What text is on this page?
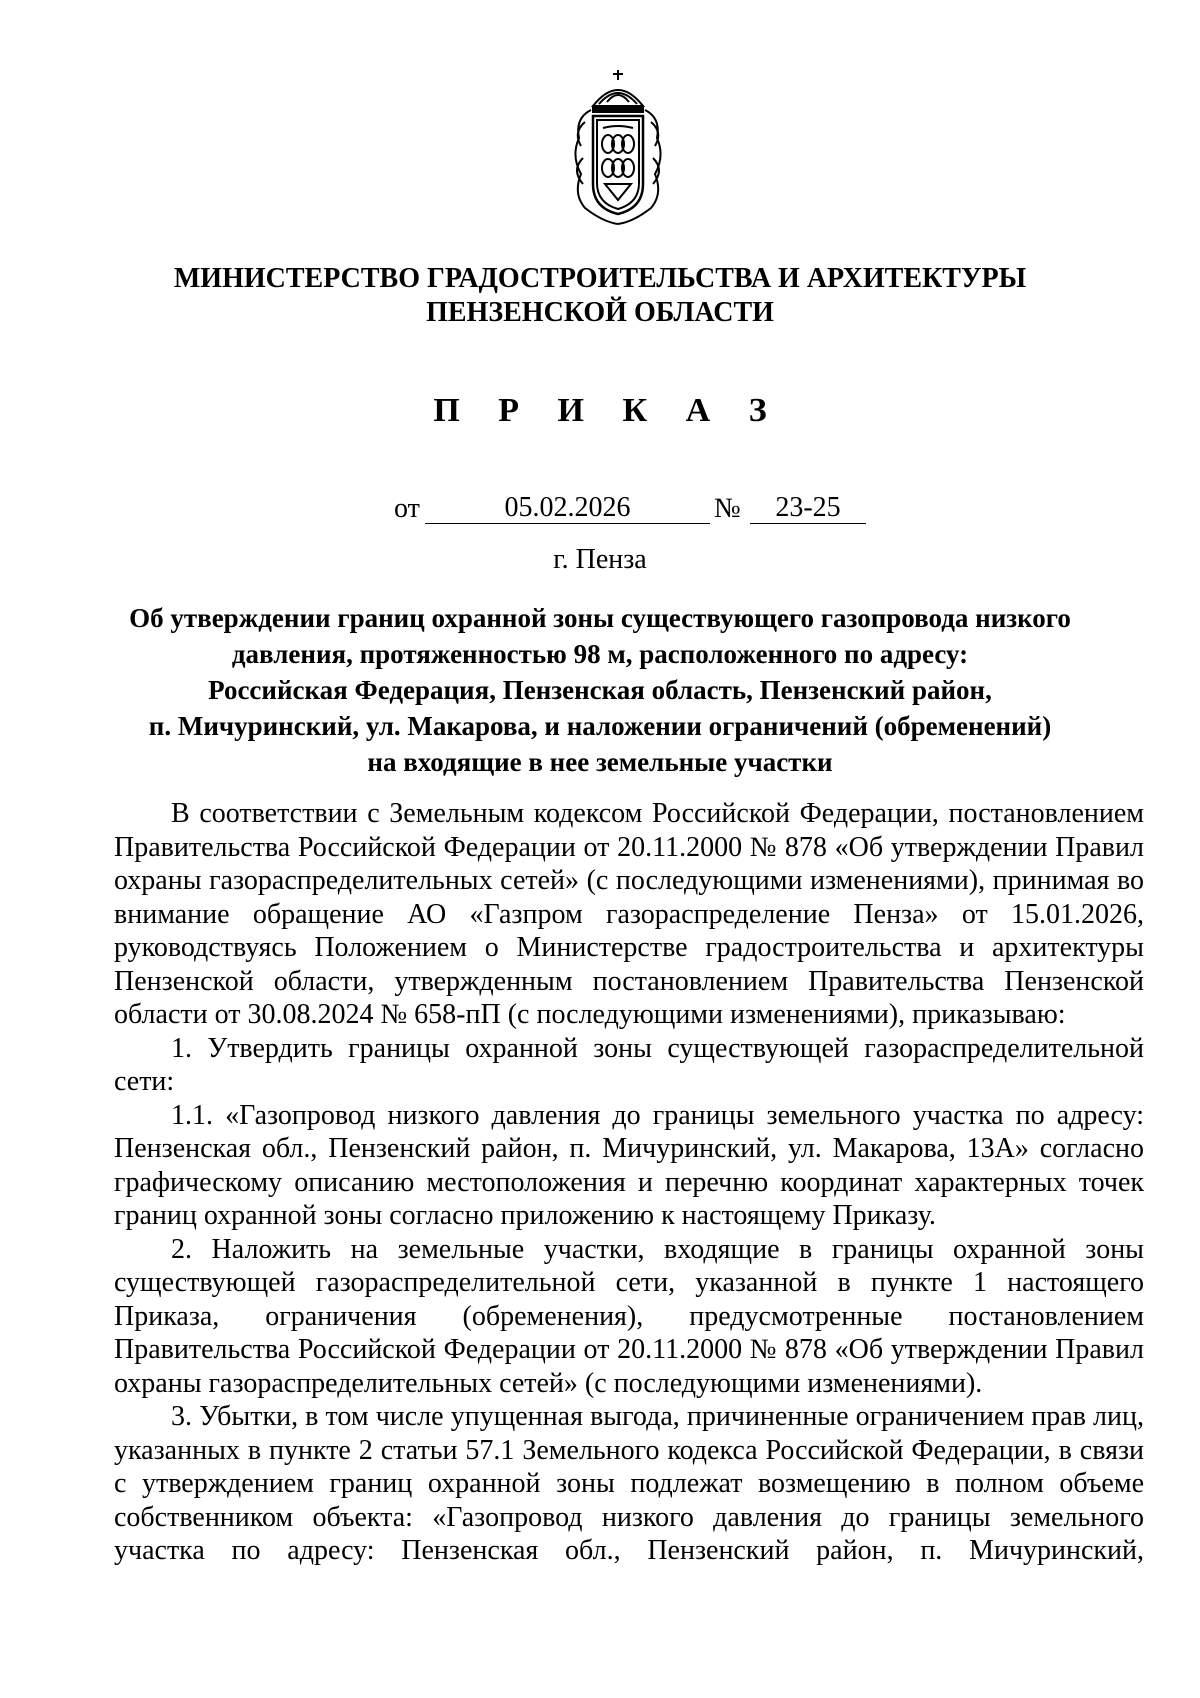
МИНИСТЕРСТВО ГРАДОСТРОИТЕЛЬСТВА И АРХИТЕКТУРЫ
ПЕНЗЕНСКОЙ ОБЛАСТИ
П Р И К А З
от	05.02.2026	№	23-25
г. Пенза
Об утверждении границ охранной зоны существующего газопровода низкого
давления, протяженностью 98 м, расположенного по адресу:
Российская Федерация, Пензенская область, Пензенский район,
п. Мичуринский, ул. Макарова, и наложении ограничений (обременений)
на входящие в нее земельные участки

В соответствии с Земельным кодексом Российской Федерации, постановлением Правительства Российской Федерации от 20.11.2000 № 878 «Об утверждении Правил охраны газораспределительных сетей» (с последующими изменениями), принимая во внимание обращение АО «Газпром газораспределение Пенза» от 15.01.2026, руководствуясь Положением о Министерстве градостроительства и архитектуры Пензенской области, утвержденным постановлением Правительства Пензенской области от 30.08.2024 № 658-пП (с последующими изменениями), приказываю:

1. Утвердить границы охранной зоны существующей газораспределительной сети:

1.1. «Газопровод низкого давления до границы земельного участка по адресу: Пензенская обл., Пензенский район, п. Мичуринский, ул. Макарова, 13А» согласно графическому описанию местоположения и перечню координат характерных точек границ охранной зоны согласно приложению к настоящему Приказу.

2. Наложить на земельные участки, входящие в границы охранной зоны существующей газораспределительной сети, указанной в пункте 1 настоящего Приказа, ограничения (обременения), предусмотренные постановлением Правительства Российской Федерации от 20.11.2000 № 878 «Об утверждении Правил охраны газораспределительных сетей» (с последующими изменениями).

3. Убытки, в том числе упущенная выгода, причиненные ограничением прав лиц, указанных в пункте 2 статьи 57.1 Земельного кодекса Российской Федерации, в связи с утверждением границ охранной зоны подлежат возмещению в полном объеме собственником объекта: «Газопровод низкого давления до границы земельного участка по адресу: Пензенская обл., Пензенский район, п. Мичуринский,
